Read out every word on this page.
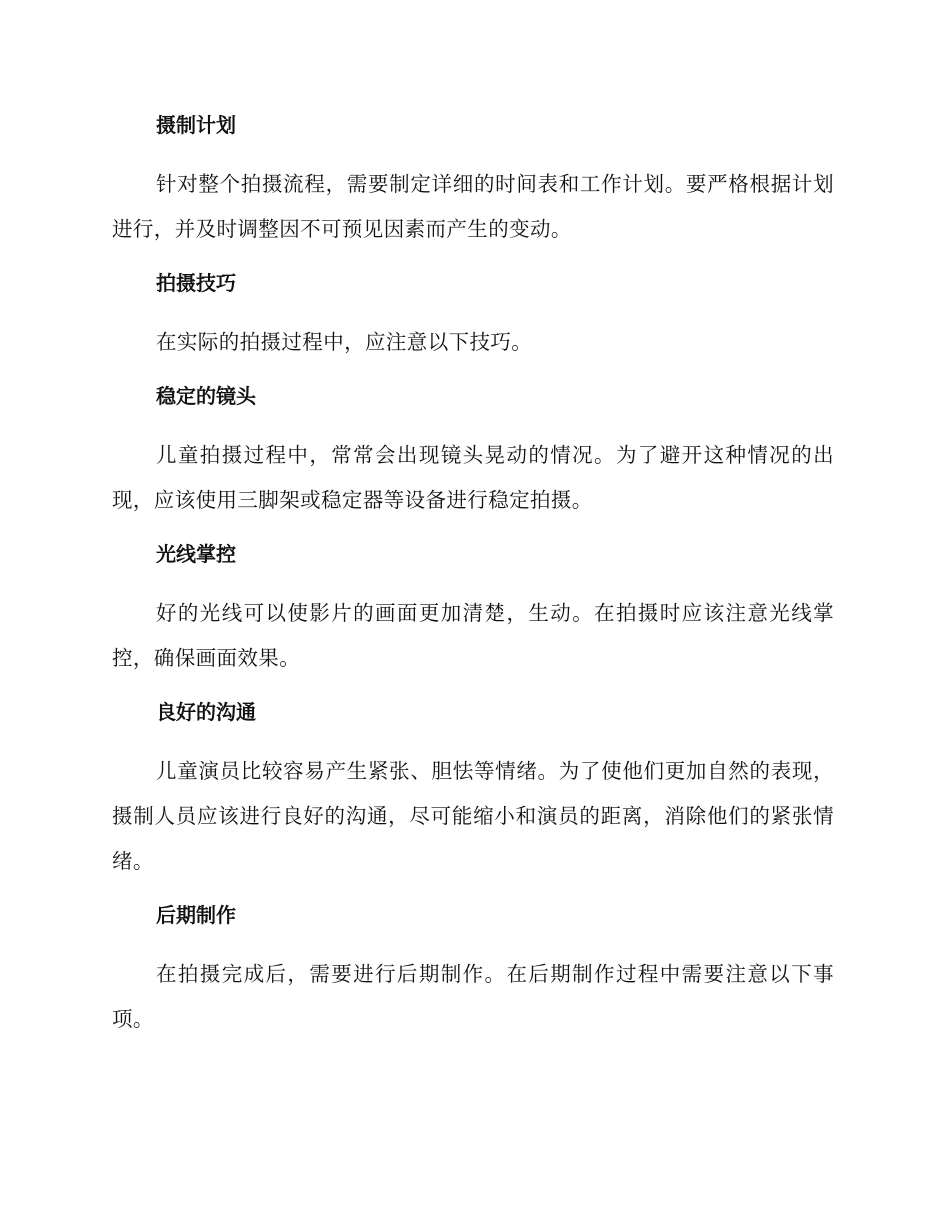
摄制计划

针对整个拍摄流程，需要制定详细的时间表和工作计划。要严格根据计划进行，并及时调整因不可预见因素而产生的变动。

拍摄技巧

在实际的拍摄过程中，应注意以下技巧。

稳定的镜头

儿童拍摄过程中，常常会出现镜头晃动的情况。为了避开这种情况的出现，应该使用三脚架或稳定器等设备进行稳定拍摄。

光线掌控

好的光线可以使影片的画面更加清楚，生动。在拍摄时应该注意光线掌控，确保画面效果。

良好的沟通

儿童演员比较容易产生紧张、胆怯等情绪。为了使他们更加自然的表现，摄制人员应该进行良好的沟通，尽可能缩小和演员的距离，消除他们的紧张情绪。

后期制作

在拍摄完成后，需要进行后期制作。在后期制作过程中需要注意以下事项。
